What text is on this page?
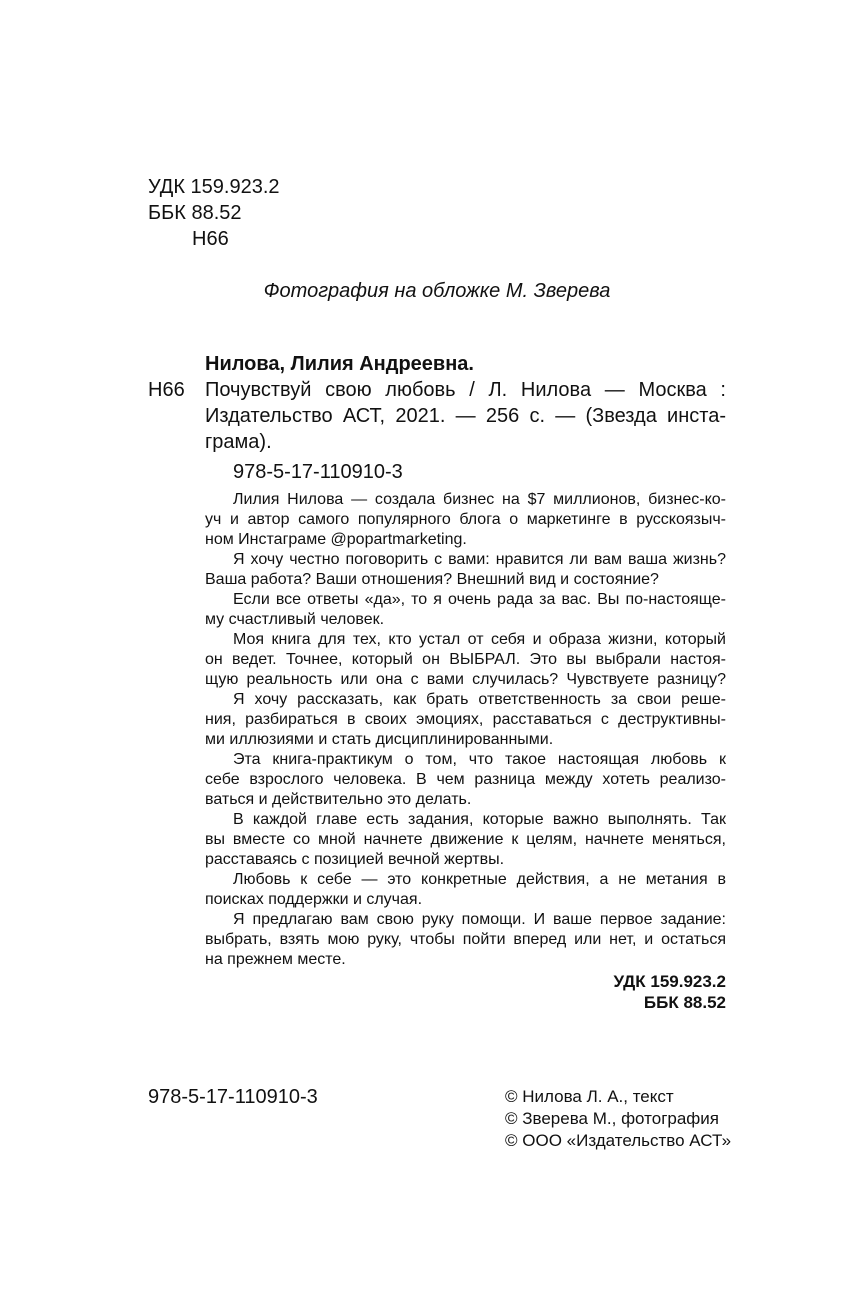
УДК 159.923.2
ББК 88.52
Н66
Фотография на обложке М. Зверева
Нилова, Лилия Андреевна.
Н66 Почувствуй свою любовь / Л. Нилова — Москва :
Издательство АСТ, 2021. — 256 с. — (Звезда инста-
грама).
978-5-17-110910-3
Лилия Нилова — создала бизнес на $7 миллионов, бизнес-ко-
уч и автор самого популярного блога о маркетинге в русскоязыч-
ном Инстаграме @popartmarketing.
Я хочу честно поговорить с вами: нравится ли вам ваша жизнь?
Ваша работа? Ваши отношения? Внешний вид и состояние?
Если все ответы «да», то я очень рада за вас. Вы по-настояще-
му счастливый человек.
Моя книга для тех, кто устал от себя и образа жизни, который
он ведет. Точнее, который он ВЫБРАЛ. Это вы выбрали настоя-
щую реальность или она с вами случилась? Чувствуете разницу?
Я хочу рассказать, как брать ответственность за свои реше-
ния, разбираться в своих эмоциях, расставаться с деструктивны-
ми иллюзиями и стать дисциплинированными.
Эта книга-практикум о том, что такое настоящая любовь к
себе взрослого человека. В чем разница между хотеть реализо-
ваться и действительно это делать.
В каждой главе есть задания, которые важно выполнять. Так
вы вместе со мной начнете движение к целям, начнете меняться,
расставаясь с позицией вечной жертвы.
Любовь к себе — это конкретные действия, а не метания в
поисках поддержки и случая.
Я предлагаю вам свою руку помощи. И ваше первое задание:
выбрать, взять мою руку, чтобы пойти вперед или нет, и остаться
на прежнем месте.
УДК 159.923.2
ББК 88.52
978-5-17-110910-3	© Нилова Л. А., текст
© Зверева М., фотография
© ООО «Издательство АСТ»
